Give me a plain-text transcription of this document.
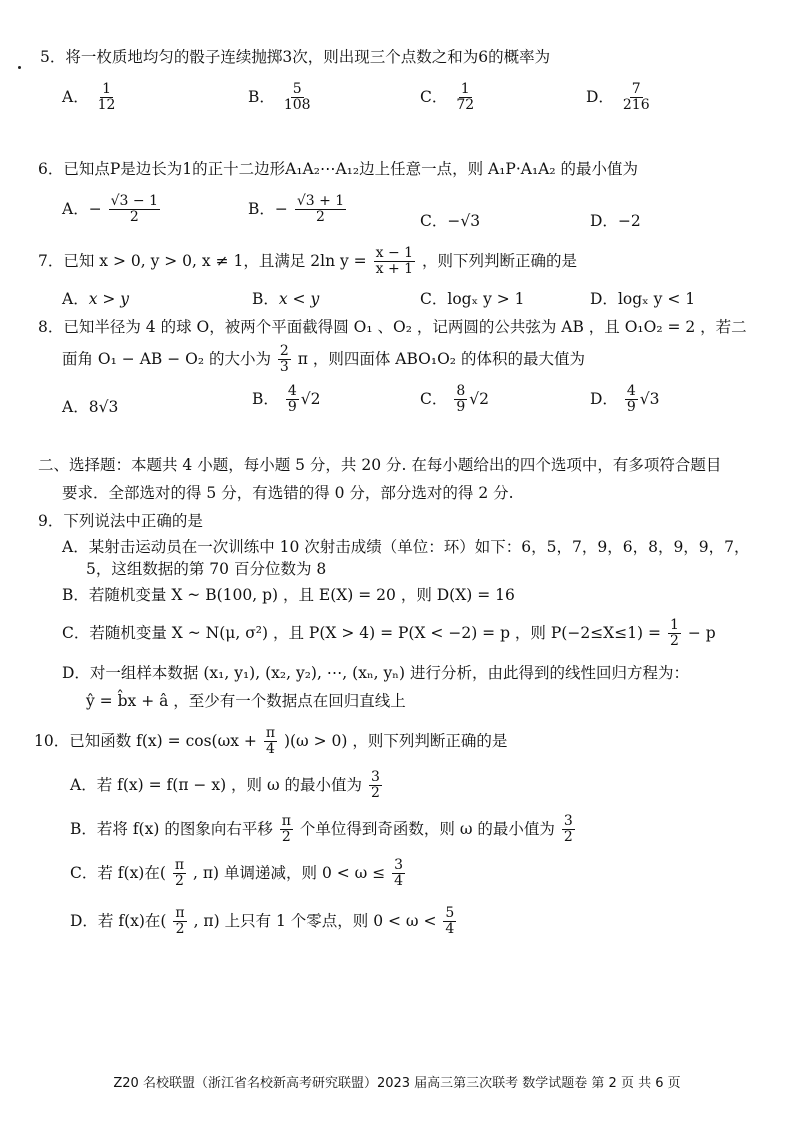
5．将一枚质地均匀的骰子连续抛掷3次，则出现三个点数之和为6的概率为
A． $\frac{1}{12}$	B． $\frac{5}{108}$	C． $\frac{1}{72}$	D． $\frac{7}{216}$
6．已知点P是边长为1的正十二边形A₁A₂⋯A₁₂边上任意一点，则 A₁P·A₁A₂ 的最小值为
A．− $\frac{√3 - 1}{2}$	B．− $\frac{√3 + 1}{2}$	C．−√3	D．−2
7．已知 x > 0, y > 0, x ≠ 1，且满足 2ln $y = \frac{x - 1}{x + 1}$ ，则下列判断正确的是
A．x > y	B．x < y	C．logₓ y > 1	D．logₓ y < 1
8．已知半径为 4 的球 O，被两个平面截得圆 O₁ 、O₂ ，记两圆的公共弦为 AB ，且 O₁O₂ = 2 ，若二
面角 O₁ − AB − O₂ 的大小为 $\frac{2}{3}$ π ，则四面体 ABO₁O₂ 的体积的最大值为
A．8√3	B． $\frac{4}{9} √2$	C． $\frac{8}{9} √2$	D． $\frac{4}{9} √3$
二、选择题：本题共 4 小题，每小题 5 分，共 20 分. 在每小题给出的四个选项中，有多项符合题目
要求．全部选对的得 5 分，有选错的得 0 分，部分选对的得 2 分.
9．下列说法中正确的是
A．某射击运动员在一次训练中 10 次射击成绩（单位：环）如下：6，5，7，9，6，8，9，9，7，
5，这组数据的第 70 百分位数为 8
B．若随机变量 X ~ B(100, p) ，且 E(X) = 20 ，则 D(X) = 16
C．若随机变量 X ~ N(μ, σ²) ，且 P(X > 4) = P(X < −2) = p ，则 $P(-2\le X\le 1) = \frac{1}{2} - p$
D．对一组样本数据 (x₁, y₁), (x₂, y₂), ⋯, (xₙ, yₙ) 进行分析，由此得到的线性回归方程为：
ŷ = b̂x + â ，至少有一个数据点在回归直线上
10．已知函数 $f(x) = \cos(\omega x + \frac{\pi}{4} )(\omega > 0)$ ，则下列判断正确的是
A．若 f(x) = f(π − x) ，则 ω 的最小值为 $\frac{3}{2}$
B．若将 f(x) 的图象向右平移 $\frac{\pi}{2}$ 个单位得到奇函数，则 ω 的最小值为 $\frac{3}{2}$
C．若 f(x)在( $\frac{\pi}{2}$ , π) 单调递减，则 $0 < \omega \le \frac{3}{4}$
D．若 f(x)在( $\frac{\pi}{2}$ , π) 上只有 1 个零点，则 $0 < \omega < \frac{5}{4}$
Z20 名校联盟（浙江省名校新高考研究联盟）2023 届高三第三次联考 数学试题卷 第 2 页 共 6 页
